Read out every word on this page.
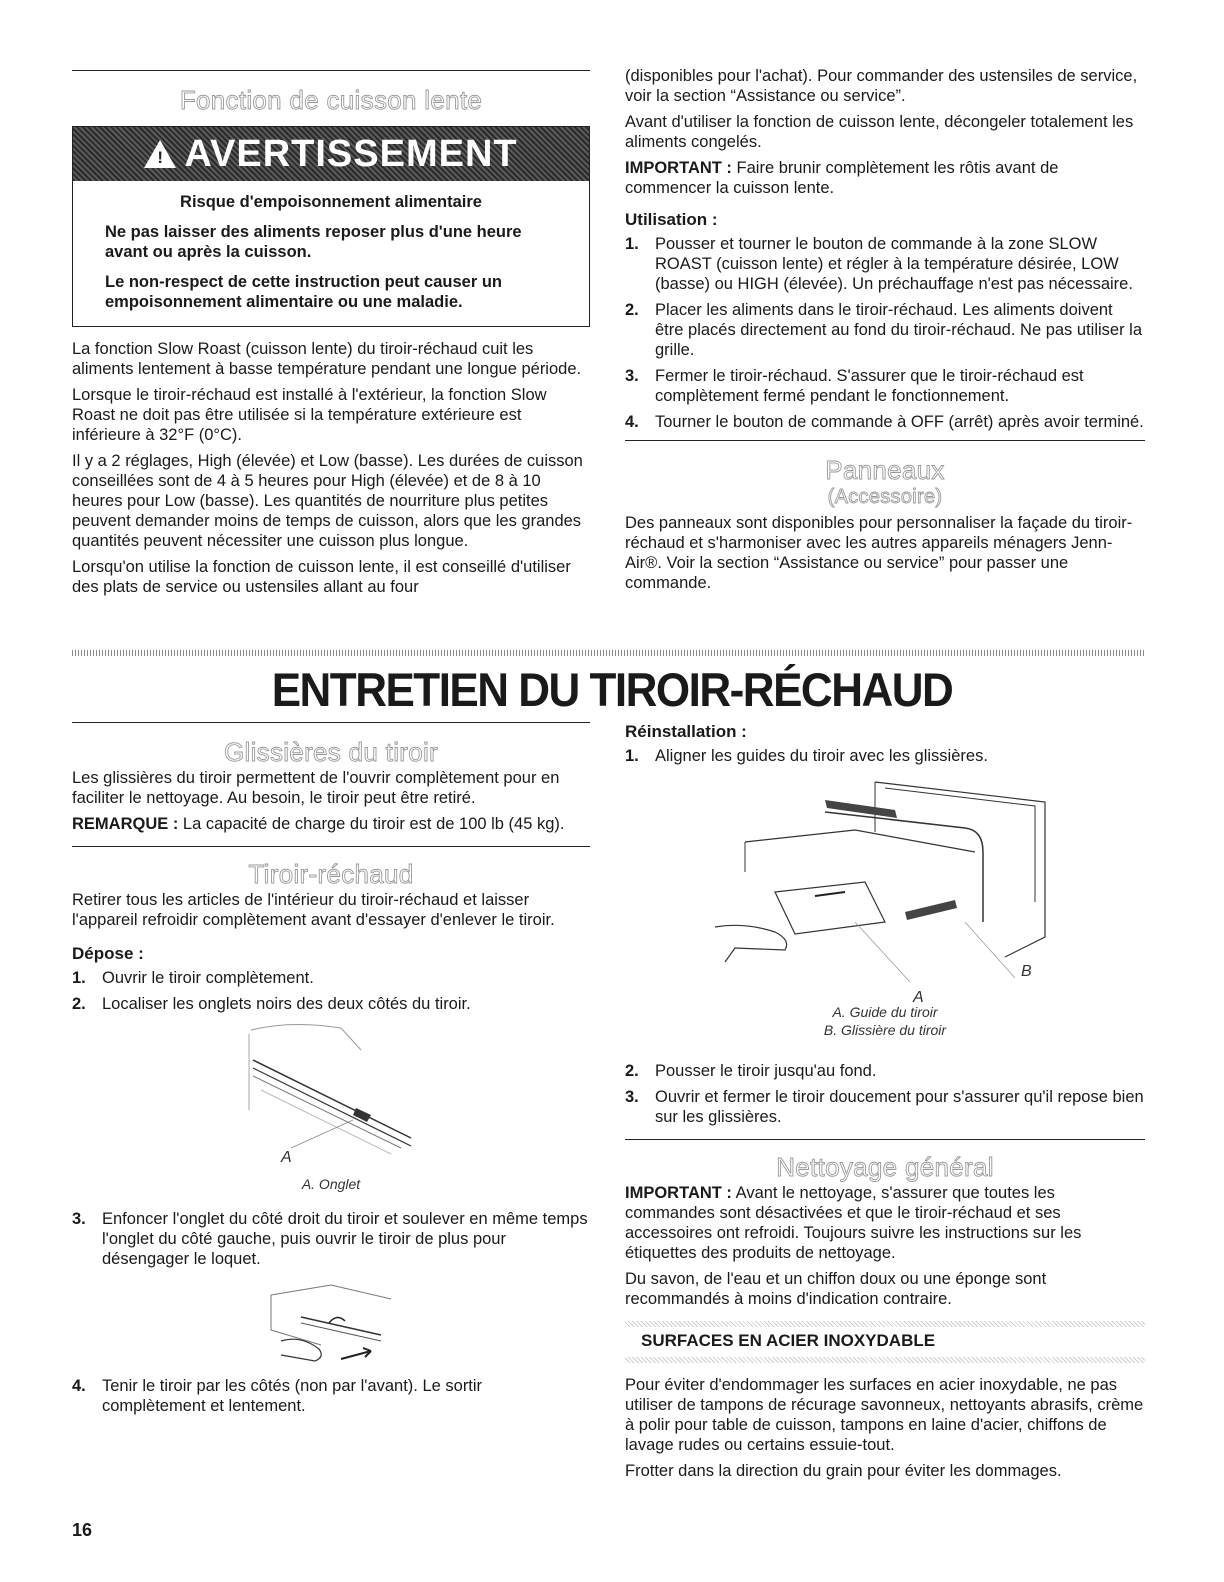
Fonction de cuisson lente
! AVERTISSEMENT
Risque d'empoisonnement alimentaire
Ne pas laisser des aliments reposer plus d'une heure avant ou après la cuisson.
Le non-respect de cette instruction peut causer un empoisonnement alimentaire ou une maladie.

La fonction Slow Roast (cuisson lente) du tiroir-réchaud cuit les aliments lentement à basse température pendant une longue période.

Lorsque le tiroir-réchaud est installé à l'extérieur, la fonction Slow Roast ne doit pas être utilisée si la température extérieure est inférieure à 32°F (0°C).

Il y a 2 réglages, High (élevée) et Low (basse). Les durées de cuisson conseillées sont de 4 à 5 heures pour High (élevée) et de 8 à 10 heures pour Low (basse). Les quantités de nourriture plus petites peuvent demander moins de temps de cuisson, alors que les grandes quantités peuvent nécessiter une cuisson plus longue.

Lorsqu'on utilise la fonction de cuisson lente, il est conseillé d'utiliser des plats de service ou ustensiles allant au four

(disponibles pour l'achat). Pour commander des ustensiles de service, voir la section “Assistance ou service”.

Avant d'utiliser la fonction de cuisson lente, décongeler totalement les aliments congelés.

IMPORTANT : Faire brunir complètement les rôtis avant de commencer la cuisson lente.

Utilisation :
1. Pousser et tourner le bouton de commande à la zone SLOW ROAST (cuisson lente) et régler à la température désirée, LOW (basse) ou HIGH (élevée). Un préchauffage n'est pas nécessaire.
2. Placer les aliments dans le tiroir-réchaud. Les aliments doivent être placés directement au fond du tiroir-réchaud. Ne pas utiliser la grille.
3. Fermer le tiroir-réchaud. S'assurer que le tiroir-réchaud est complètement fermé pendant le fonctionnement.
4. Tourner le bouton de commande à OFF (arrêt) après avoir terminé.
Panneaux
(Accessoire)

Des panneaux sont disponibles pour personnaliser la façade du tiroir-réchaud et s'harmoniser avec les autres appareils ménagers Jenn-Air®. Voir la section “Assistance ou service” pour passer une commande.

ENTRETIEN DU TIROIR-RÉCHAUD
Glissières du tiroir

Les glissières du tiroir permettent de l'ouvrir complètement pour en faciliter le nettoyage. Au besoin, le tiroir peut être retiré.

REMARQUE : La capacité de charge du tiroir est de 100 lb (45 kg).

Tiroir-réchaud

Retirer tous les articles de l'intérieur du tiroir-réchaud et laisser l'appareil refroidir complètement avant d'essayer d'enlever le tiroir.

Dépose :
1. Ouvrir le tiroir complètement.
2. Localiser les onglets noirs des deux côtés du tiroir.
A
A. Onglet
3. Enfoncer l'onglet du côté droit du tiroir et soulever en même temps l'onglet du côté gauche, puis ouvrir le tiroir de plus pour désengager le loquet.
4. Tenir le tiroir par les côtés (non par l'avant). Le sortir complètement et lentement.
Réinstallation :
1. Aligner les guides du tiroir avec les glissières.
A
B
A. Guide du tiroir
B. Glissière du tiroir
2. Pousser le tiroir jusqu'au fond.
3. Ouvrir et fermer le tiroir doucement pour s'assurer qu'il repose bien sur les glissières.
Nettoyage général

IMPORTANT : Avant le nettoyage, s'assurer que toutes les commandes sont désactivées et que le tiroir-réchaud et ses accessoires ont refroidi. Toujours suivre les instructions sur les étiquettes des produits de nettoyage.

Du savon, de l'eau et un chiffon doux ou une éponge sont recommandés à moins d'indication contraire.

SURFACES EN ACIER INOXYDABLE

Pour éviter d'endommager les surfaces en acier inoxydable, ne pas utiliser de tampons de récurage savonneux, nettoyants abrasifs, crème à polir pour table de cuisson, tampons en laine d'acier, chiffons de lavage rudes ou certains essuie-tout.

Frotter dans la direction du grain pour éviter les dommages.

16
